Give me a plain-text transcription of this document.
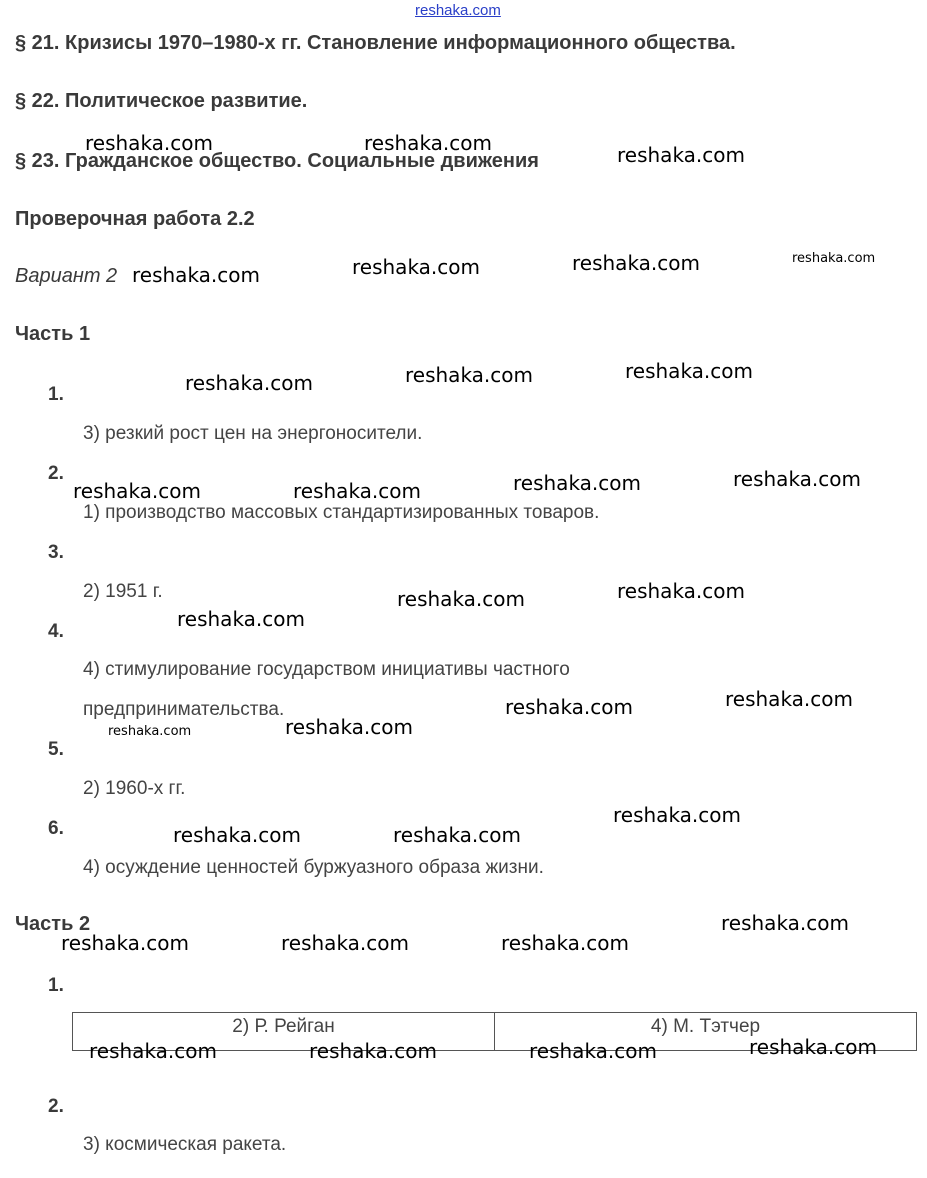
reshaka.com
§ 21. Кризисы 1970–1980-х гг. Становление информационного общества.
§ 22. Политическое развитие.
§ 23. Гражданское общество. Социальные движения
Проверочная работа 2.2
Вариант 2
Часть 1
1.
3) резкий рост цен на энергоносители.
2.
1) производство массовых стандартизированных товаров.
3.
2) 1951 г.
4.
4) стимулирование государством инициативы частного
предпринимательства.
5.
2) 1960-х гг.
6.
4) осуждение ценностей буржуазного образа жизни.
Часть 2
1.
2) Р. Рейган	4) М. Тэтчер
2.
3) космическая ракета.
reshaka.com	reshaka.com	reshaka.com
reshaka.com	reshaka.com	reshaka.com	reshaka.com
reshaka.com	reshaka.com	reshaka.com
reshaka.com	reshaka.com	reshaka.com	reshaka.com
reshaka.com	reshaka.com
reshaka.com
reshaka.com	reshaka.com
reshaka.com	reshaka.com
reshaka.com	reshaka.com
reshaka.com
reshaka.com	reshaka.com	reshaka.com
reshaka.com
reshaka.com	reshaka.com	reshaka.com	reshaka.com
